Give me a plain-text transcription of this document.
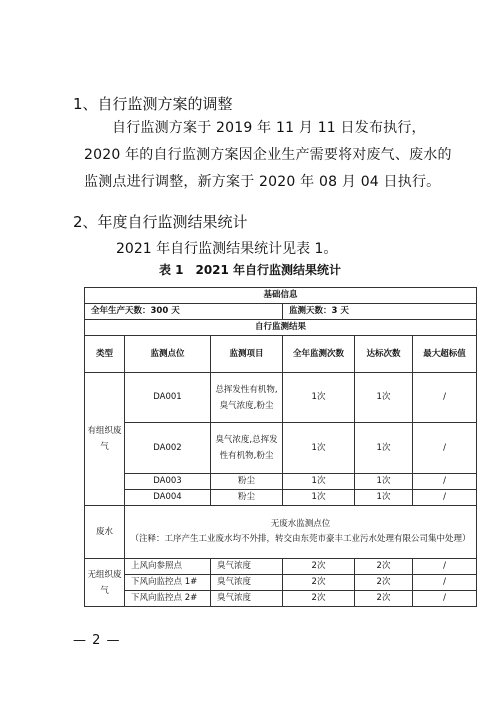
1、自行监测方案的调整

自行监测方案于 2019 年 11 月 11 日发布执行，2020 年的自行监测方案因企业生产需要将对废气、废水的监测点进行调整，新方案于 2020 年 08 月 04 日执行。

2、年度自行监测结果统计

2021 年自行监测结果统计见表 1。

表 1　2021 年自行监测结果统计

基础信息					
全年生产天数：300 天			监测天数：3 天		
自行监测结果					
类型	监测点位	监测项目	全年监测次数	达标次数	最大超标值
有组织废气	DA001	总挥发性有机物,臭气浓度,粉尘	1次	1次	/
	DA002	臭气浓度,总挥发性有机物,粉尘	1次	1次	/
	DA003	粉尘	1次	1次	/
	DA004	粉尘	1次	1次	/
废水	无废水监测点位
（注释：工序产生工业废水均不外排，转交由东莞市豪丰工业污水处理有限公司集中处理）				

无组织废气	上风向参照点	臭气浓度	2次	2次	/
	下风向监控点 1#	臭气浓度	2次	2次	/
	下风向监控点 2#	臭气浓度	2次	2次	/
— 2 —
